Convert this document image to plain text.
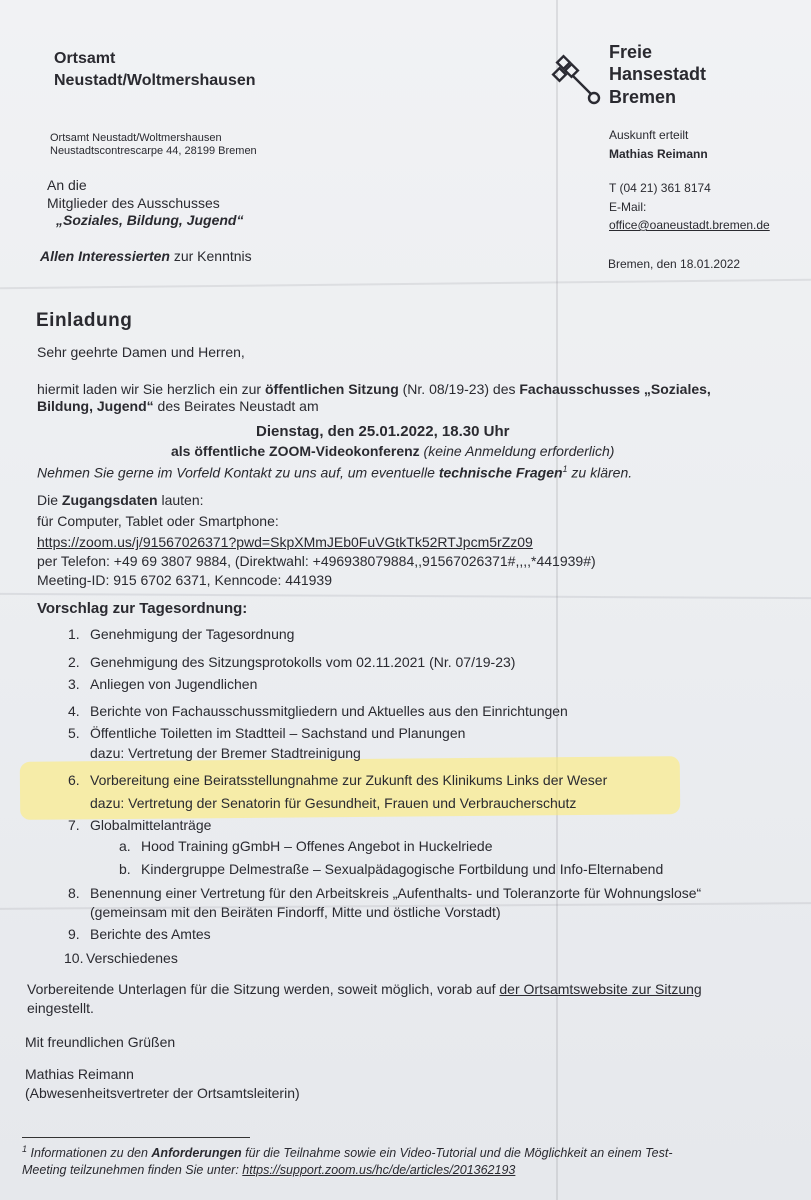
Ortsamt
Neustadt/Woltmershausen
Ortsamt Neustadt/Woltmershausen
Neustadtscontrescarpe 44, 28199 Bremen
An die
Mitglieder des Ausschusses
„Soziales, Bildung, Jugend“
Allen Interessierten zur Kenntnis
Freie
Hansestadt
Bremen
Auskunft erteilt
Mathias Reimann
T (04 21) 361 8174
E-Mail:
office@oaneustadt.bremen.de
Bremen, den 18.01.2022
Einladung
Sehr geehrte Damen und Herren,
hiermit laden wir Sie herzlich ein zur öffentlichen Sitzung (Nr. 08/19-23) des Fachausschusses „Soziales,
Bildung, Jugend“ des Beirates Neustadt am
Dienstag, den 25.01.2022, 18.30 Uhr
als öffentliche ZOOM-Videokonferenz (keine Anmeldung erforderlich)
Nehmen Sie gerne im Vorfeld Kontakt zu uns auf, um eventuelle technische Fragen$^1$ zu klären.
Die Zugangsdaten lauten:
für Computer, Tablet oder Smartphone:
https://zoom.us/j/91567026371?pwd=SkpXMmJEb0FuVGtkTk52RTJpcm5rZz09
per Telefon: +49 69 3807 9884, (Direktwahl: +496938079884,,91567026371#,,,,*441939#)
Meeting-ID: 915 6702 6371, Kenncode: 441939
Vorschlag zur Tagesordnung:
1. Genehmigung der Tagesordnung
2. Genehmigung des Sitzungsprotokolls vom 02.11.2021 (Nr. 07/19-23)
3. Anliegen von Jugendlichen
4. Berichte von Fachausschussmitgliedern und Aktuelles aus den Einrichtungen
5. Öffentliche Toiletten im Stadtteil – Sachstand und Planungen
dazu: Vertretung der Bremer Stadtreinigung
6. Vorbereitung eine Beiratsstellungnahme zur Zukunft des Klinikums Links der Weser
dazu: Vertretung der Senatorin für Gesundheit, Frauen und Verbraucherschutz
7. Globalmittelanträge
a. Hood Training gGmbH – Offenes Angebot in Huckelriede
b. Kindergruppe Delmestraße – Sexualpädagogische Fortbildung und Info-Elternabend
8. Benennung einer Vertretung für den Arbeitskreis „Aufenthalts- und Toleranzorte für Wohnungslose“
(gemeinsam mit den Beiräten Findorff, Mitte und östliche Vorstadt)
9. Berichte des Amtes
10. Verschiedenes
Vorbereitende Unterlagen für die Sitzung werden, soweit möglich, vorab auf der Ortsamtswebsite zur Sitzung
eingestellt.
Mit freundlichen Grüßen
Mathias Reimann
(Abwesenheitsvertreter der Ortsamtsleiterin)
$^1$ Informationen zu den Anforderungen für die Teilnahme sowie ein Video-Tutorial und die Möglichkeit an einem Test-
Meeting teilzunehmen finden Sie unter: https://support.zoom.us/hc/de/articles/201362193
